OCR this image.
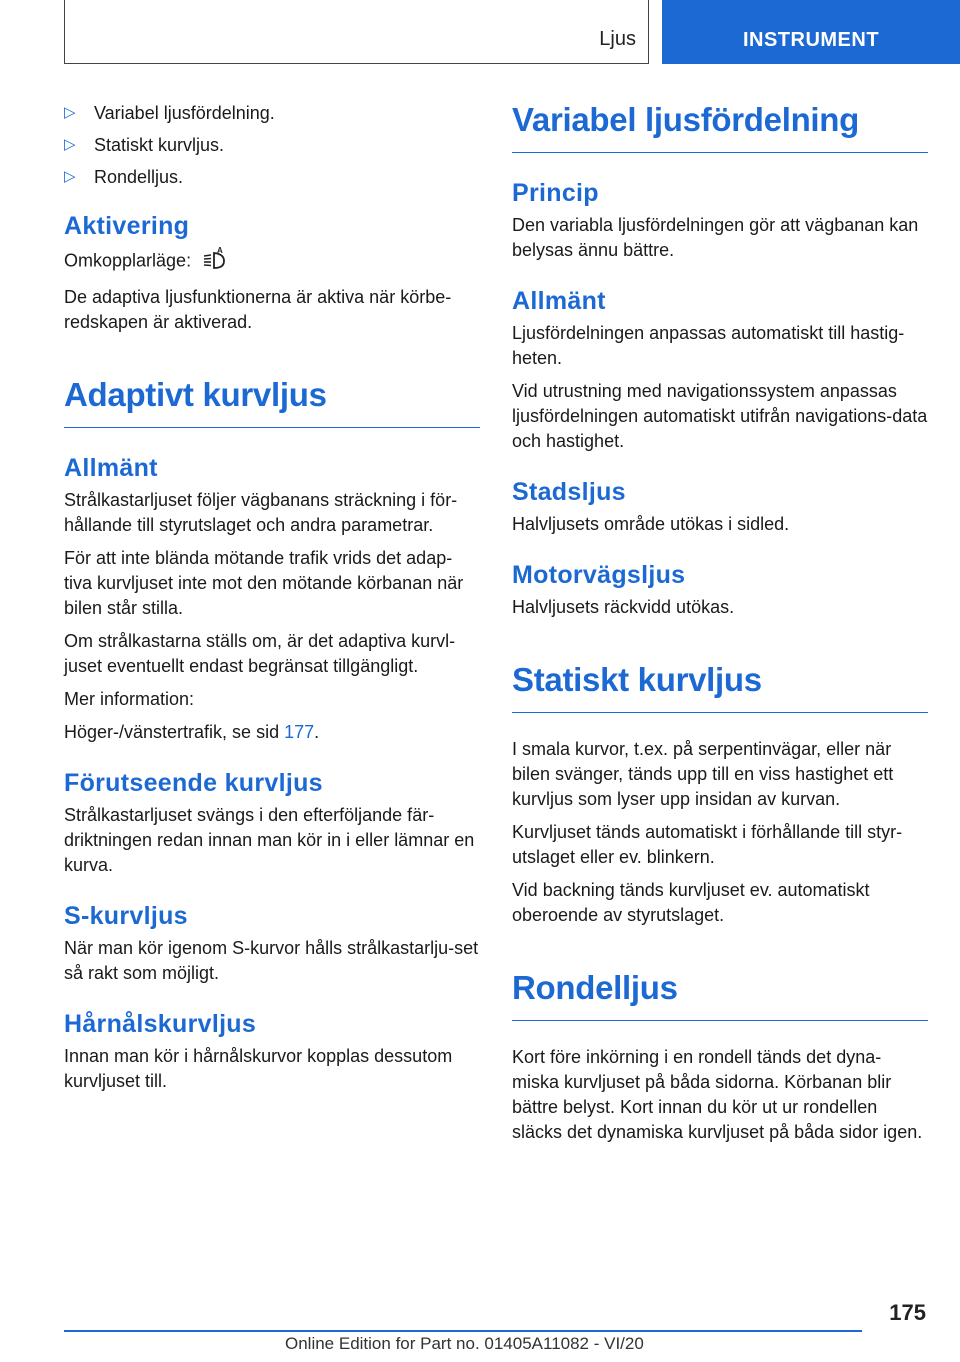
Ljus	INSTRUMENT
▷	Variabel ljusfördelning.
▷	Statiskt kurvljus.
▷	Rondelljus.
Aktivering

Omkopplarläge:	A

De adaptiva ljusfunktionerna är aktiva när körbe-redskapen är aktiverad.

Adaptivt kurvljus
Allmänt

Strålkastarljuset följer vägbanans sträckning i för-hållande till styrutslaget och andra parametrar.

För att inte blända mötande trafik vrids det adap-tiva kurvljuset inte mot den mötande körbanan när bilen står stilla.

Om strålkastarna ställs om, är det adaptiva kurvl-juset eventuellt endast begränsat tillgängligt.

Mer information:

Höger-/vänstertrafik, se sid 177.

Förutseende kurvljus

Strålkastarljuset svängs i den efterföljande fär-driktningen redan innan man kör in i eller lämnar en kurva.

S-kurvljus

När man kör igenom S-kurvor hålls strålkastarlju-set så rakt som möjligt.

Hårnålskurvljus

Innan man kör i hårnålskurvor kopplas dessutom kurvljuset till.

Variabel ljusfördelning
Princip

Den variabla ljusfördelningen gör att vägbanan kan belysas ännu bättre.

Allmänt

Ljusfördelningen anpassas automatiskt till hastig-heten.

Vid utrustning med navigationssystem anpassas ljusfördelningen automatiskt utifrån navigations-data och hastighet.

Stadsljus

Halvljusets område utökas i sidled.

Motorvägsljus

Halvljusets räckvidd utökas.

Statiskt kurvljus

I smala kurvor, t.ex. på serpentinvägar, eller när bilen svänger, tänds upp till en viss hastighet ett kurvljus som lyser upp insidan av kurvan.

Kurvljuset tänds automatiskt i förhållande till styr-utslaget eller ev. blinkern.

Vid backning tänds kurvljuset ev. automatiskt oberoende av styrutslaget.

Rondelljus

Kort före inkörning i en rondell tänds det dyna-miska kurvljuset på båda sidorna. Körbanan blir bättre belyst. Kort innan du kör ut ur rondellen släcks det dynamiska kurvljuset på båda sidor igen.

175
Online Edition for Part no. 01405A11082 - VI/20
